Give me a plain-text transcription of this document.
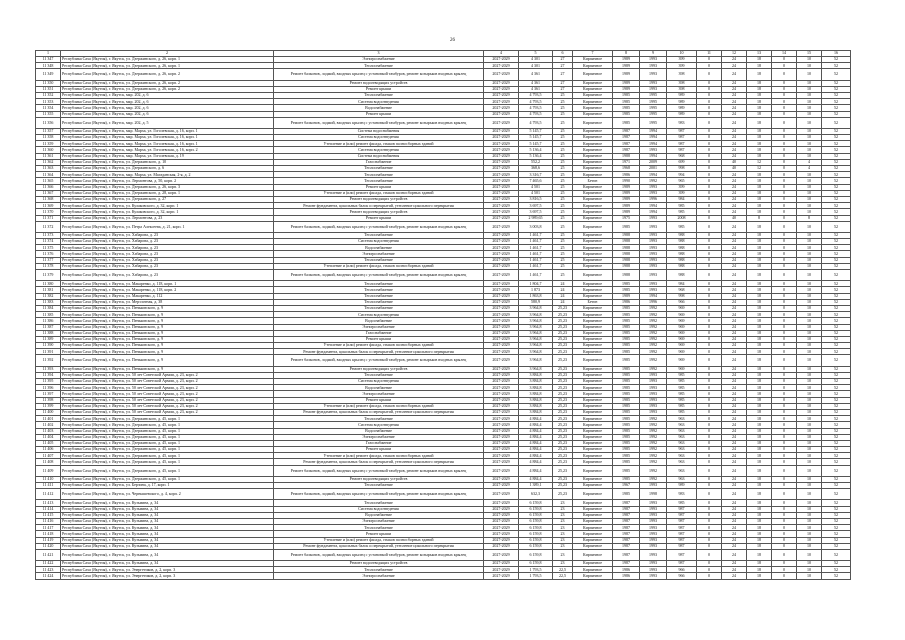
26
1	2	3	4	5	6	7	8	9	10	11	12	13	14	15	16
11 347	Республика Саха (Якутия), г. Якутск, ул. Дзержинского, д. 26, корп. 1	Электроснабжение	2027-2029	4 301	27	Кирпичное	1989	1993	399	0	24	18	0	10	52
11 348	Республика Саха (Якутия), г. Якутск, ул. Дзержинского, д. 26, корп. 1	Теплоснабжение	2027-2029	4 301	27	Кирпичное	1989	1993	399	0	24	18	0	10	52
11 349	Республика Саха (Якутия), г. Якутск, ул. Дзержинского, д. 26, корп. 2	Ремонт балконов, лоджий, входных крылец с установкой тамбуров, ремонт козырьков входных крылец	2027-2029	4 361	27	Кирпичное	1989	1993	398	0	24	18	0	10	52
11 350	Республика Саха (Якутия), г. Якутск, ул. Дзержинского, д. 26, корп. 2	Ремонт водоотводящих устройств	2027-2029	4 361	27	Кирпичное	1989	1993	398	0	24	18	0	10	52
11 351	Республика Саха (Якутия), г. Якутск, ул. Дзержинского, д. 26, корп. 2	Ремонт крыши	2027-2029	4 361	27	Кирпичное	1989	1993	398	0	24	18	0	10	52
11 352	Республика Саха (Якутия), г. Якутск, мкр. 202, д. 6	Теплоснабжение	2027-2029	4 793,5	25	Кирпичное	1985	1995	989	0	24	18	0	10	52
11 353	Республика Саха (Якутия), г. Якутск, мкр. 202, д. 6	Система водоотведения	2027-2029	4 793,5	25	Кирпичное	1985	1995	989	0	24	18	0	10	52
11 354	Республика Саха (Якутия), г. Якутск, мкр. 202, д. 6	Водоснабжение	2027-2029	4 793,5	25	Кирпичное	1985	1995	989	0	24	18	0	10	52
11 355	Республика Саха (Якутия), г. Якутск, мкр. 202, д. 6	Ремонт крыши	2027-2029	4 793,5	25	Кирпичное	1985	1995	989	0	24	18	0	10	52
11 356	Республика Саха (Якутия), г. Якутск, мкр. 202, д. 5	Ремонт балконов, лоджий, входных крылец с установкой тамбуров, ремонт козырьков входных крылец	2027-2029	4 793,5	25	Кирпичное	1985	1995	983	0	24	18	0	10	52
11 357	Республика Саха (Якутия), г. Якутск, мкр. Марха, ул. Гоголевская, д. 16, корп. 1	Система водоснабжения	2027-2029	5 145,7	25	Кирпичное	1987	1994	987	0	24	18	0	10	52
11 358	Республика Саха (Якутия), г. Якутск, мкр. Марха, ул. Гоголевская, д. 16, корп. 1	Система водоотведения	2027-2029	5 145,7	25	Кирпичное	1987	1994	987	0	24	18	0	10	52
11 359	Республика Саха (Якутия), г. Якутск, мкр. Марха, ул. Гоголевская, д. 16, корп. 1	Утепление и (или) ремонт фасада, стыков полносборных зданий	2027-2029	5 145,7	25	Кирпичное	1987	1994	987	0	24	18	0	10	52
11 360	Республика Саха (Якутия), г. Якутск, мкр. Марха, ул. Гоголевская, д. 16, корп. 2	Система водоотведения	2027-2029	5 136,4	25	Кирпичное	1987	1993	987	0	24	18	0	10	52
11 361	Республика Саха (Якутия), г. Якутск, мкр. Марха, ул. Гоголевская, д. 19	Система водоснабжения	2027-2029	5 136,4	25	Кирпичное	1988	1994	968	0	24	18	0	10	52
11 362	Республика Саха (Якутия), г. Якутск, ул. Дзержинского, д. 10	Газоснабжение	2027-2029	552,2	25	Кирпичное	1971	2009	699	0	40	12	0	4	52
11 363	Республика Саха (Якутия), г. Якутск, ул. Дзержинского, д. 6	Теплоснабжение	2027-2029	368,6	25	Кирпичное	1968	2001	998	0	40	12	0	4	52
11 364	Республика Саха (Якутия), г. Якутск, мкр. Марха, ул. Магаданская, 2-я, д. 2	Теплоснабжение	2027-2029	3 316,7	25	Кирпичное	1986	1994	994	0	24	18	0	10	52
11 365	Республика Саха (Якутия), г. Якутск, ул. Лермонтова, д. 50, корп. 2	Теплоснабжение	2027-2029	7 465,6	25	Бетон	1990	1992	965	0	24	18	0	10	52
11 366	Республика Саха (Якутия), г. Якутск, ул. Дзержинского, д. 26, корп. 3	Ремонт крыши	2027-2029	4 501	25	Кирпичное	1989	1993	399	0	24	18	0	10	52
11 367	Республика Саха (Якутия), г. Якутск, ул. Дзержинского, д. 28, корп. 1	Утепление и (или) ремонт фасада, стыков полносборных зданий	2027-2029	4 501	25	Кирпичное	1989	1993	399	0	24	18	0	10	52
11 368	Республика Саха (Якутия), г. Якутск, ул. Дзержинского, д. 27	Ремонт водоотводящих устройств	2027-2029	3 816,5	25	Кирпичное	1989	1996	984	0	24	18	0	10	52
11 369	Республика Саха (Якутия), г. Якутск, ул. Кулаковского, д. 32, корп. 1	Ремонт фундамента, цокольных балок и перекрытий, утепление цокольного перекрытия	2027-2029	3 697,5	25	Кирпичное	1989	1994	985	0	24	18	0	10	52
11 370	Республика Саха (Якутия), г. Якутск, ул. Кулаковского, д. 32, корп. 1	Ремонт водоотводящих устройств	2027-2029	3 697,5	25	Кирпичное	1989	1994	985	0	24	18	0	10	52
11 371	Республика Саха (Якутия), г. Якутск, ул. Лермонтова, д. 23	Ремонт крыши	2027-2029	2 989,65	25	Кирпичное	1975	1993	2008	0	40	8	0	8	52
11 372	Республика Саха (Якутия), г. Якутск, ул. Петра Алексеева, д. 21, корп. 1	Ремонт балконов, лоджий, входных крылец с установкой тамбуров, ремонт козырьков входных крылец	2027-2029	3 003,8	25	Кирпичное	1985	1993	985	0	24	18	0	10	52
11 373	Республика Саха (Якутия), г. Якутск, ул. Хабарова, д. 23	Теплоснабжение	2027-2029	1 461,7	25	Кирпичное	1988	1993	988	0	24	18	0	10	52
11 374	Республика Саха (Якутия), г. Якутск, ул. Хабарова, д. 23	Система водоотведения	2027-2029	1 461,7	25	Кирпичное	1988	1993	988	0	24	18	0	10	52
11 375	Республика Саха (Якутия), г. Якутск, ул. Хабарова, д. 23	Водоснабжение	2027-2029	1 461,7	25	Кирпичное	1988	1993	988	0	24	18	0	10	52
11 376	Республика Саха (Якутия), г. Якутск, ул. Хабарова, д. 23	Электроснабжение	2027-2029	1 461,7	25	Кирпичное	1988	1993	988	0	24	18	0	10	52
11 377	Республика Саха (Якутия), г. Якутск, ул. Хабарова, д. 23	Теплоснабжение	2027-2029	1 461,7	25	Кирпичное	1988	1993	988	0	24	18	0	10	52
11 378	Республика Саха (Якутия), г. Якутск, ул. Хабарова, д. 23	Утепление и (или) ремонт фасада, стыков полносборных зданий	2027-2029	1 461,7	25	Кирпичное	1988	1993	988	0	24	18	0	10	52
11 379	Республика Саха (Якутия), г. Якутск, ул. Хабарова, д. 23	Ремонт балконов, лоджий, входных крылец с установкой тамбуров, ремонт козырьков входных крылец	2027-2029	1 461,7	25	Кирпичное	1988	1993	988	0	24	18	0	10	52
11 380	Республика Саха (Якутия), г. Якутск, ул. Макаренко, д. 118, корп. 1	Теплоснабжение	2027-2029	1 804,7	24	Кирпичное	1985	1993	984	0	24	18	0	10	52
11 381	Республика Саха (Якутия), г. Якутск, ул. Макаренко, д. 118, корп. 2	Теплоснабжение	2027-2029	1 873	24	Кирпичное	1985	1993	968	0	24	18	0	10	52
11 382	Республика Саха (Якутия), г. Якутск, ул. Макаренко, д. 112	Теплоснабжение	2027-2029	1 863,8	24	Кирпичное	1989	1994	998	0	24	18	0	10	52
11 383	Республика Саха (Якутия), г. Якутск, ул. Мерзлотная, д. 38	Теплоснабжение	2027-2029	580,9	24	Бетон	1986	1996	966	0	24	18	0	10	52
11 384	Республика Саха (Якутия), г. Якутск, ул. Пеньковского, д. 9	Теплоснабжение	2027-2029	3 964,8	25,23	Кирпичное	1985	1992	969	0	24	18	0	10	52
11 385	Республика Саха (Якутия), г. Якутск, ул. Пеньковского, д. 9	Система водоотведения	2027-2029	3 964,8	25,23	Кирпичное	1985	1992	969	0	24	18	0	10	52
11 386	Республика Саха (Якутия), г. Якутск, ул. Пеньковского, д. 9	Водоснабжение	2027-2029	3 964,8	25,23	Кирпичное	1985	1992	969	0	24	18	0	10	52
11 387	Республика Саха (Якутия), г. Якутск, ул. Пеньковского, д. 9	Электроснабжение	2027-2029	3 964,8	25,23	Кирпичное	1985	1992	969	0	24	18	0	10	52
11 388	Республика Саха (Якутия), г. Якутск, ул. Пеньковского, д. 9	Газоснабжение	2027-2029	3 964,8	25,23	Кирпичное	1985	1992	969	0	24	18	0	10	52
11 389	Республика Саха (Якутия), г. Якутск, ул. Пеньковского, д. 9	Ремонт крыши	2027-2029	3 964,8	25,23	Кирпичное	1985	1992	969	0	24	18	0	10	52
11 390	Республика Саха (Якутия), г. Якутск, ул. Пеньковского, д. 9	Утепление и (или) ремонт фасада, стыков полносборных зданий	2027-2029	3 964,8	25,23	Кирпичное	1985	1992	969	0	24	18	0	10	52
11 391	Республика Саха (Якутия), г. Якутск, ул. Пеньковского, д. 9	Ремонт фундамента, цокольных балок и перекрытий, утепление цокольного перекрытия	2027-2029	3 964,8	25,23	Кирпичное	1985	1992	969	0	24	18	0	10	52
11 392	Республика Саха (Якутия), г. Якутск, ул. Пеньковского, д. 9	Ремонт балконов, лоджий, входных крылец с установкой тамбуров, ремонт козырьков входных крылец	2027-2029	3 964,8	25,23	Кирпичное	1985	1992	969	0	24	18	0	10	52
11 393	Республика Саха (Якутия), г. Якутск, ул. Пеньковского, д. 9	Ремонт водоотводящих устройств	2027-2029	3 964,8	25,23	Кирпичное	1985	1992	969	0	24	18	0	10	52
11 394	Республика Саха (Якутия), г. Якутск, ул. 50 лет Советской Армии, д. 23, корп. 2	Теплоснабжение	2027-2029	3 884,8	25,23	Кирпичное	1985	1993	985	0	24	18	0	10	52
11 395	Республика Саха (Якутия), г. Якутск, ул. 50 лет Советской Армии, д. 23, корп. 2	Система водоотведения	2027-2029	3 884,8	25,23	Кирпичное	1985	1993	985	0	24	18	0	10	52
11 396	Республика Саха (Якутия), г. Якутск, ул. 50 лет Советской Армии, д. 23, корп. 2	Водоснабжение	2027-2029	3 884,8	25,23	Кирпичное	1985	1993	985	0	24	18	0	10	52
11 397	Республика Саха (Якутия), г. Якутск, ул. 50 лет Советской Армии, д. 23, корп. 2	Электроснабжение	2027-2029	3 884,8	25,23	Кирпичное	1985	1993	985	0	24	18	0	10	52
11 398	Республика Саха (Якутия), г. Якутск, ул. 50 лет Советской Армии, д. 23, корп. 2	Ремонт крыши	2027-2029	3 884,8	25,23	Кирпичное	1985	1993	985	0	24	18	0	10	52
11 399	Республика Саха (Якутия), г. Якутск, ул. 50 лет Советской Армии, д. 23, корп. 2	Утепление и (или) ремонт фасада, стыков полносборных зданий	2027-2029	3 884,8	25,23	Кирпичное	1985	1993	985	0	24	18	0	10	52
11 400	Республика Саха (Якутия), г. Якутск, ул. 50 лет Советской Армии, д. 23, корп. 2	Ремонт фундамента, цокольных балок и перекрытий, утепление цокольного перекрытия	2027-2029	3 884,8	25,23	Кирпичное	1985	1993	985	0	24	18	0	10	52
11 401	Республика Саха (Якутия), г. Якутск, ул. Дзержинского, д. 45, корп. 1	Теплоснабжение	2027-2029	4 884,4	25,23	Кирпичное	1985	1992	963	0	24	18	0	10	52
11 402	Республика Саха (Якутия), г. Якутск, ул. Дзержинского, д. 45, корп. 1	Система водоотведения	2027-2029	4 884,4	25,23	Кирпичное	1985	1992	963	0	24	18	0	10	52
11 403	Республика Саха (Якутия), г. Якутск, ул. Дзержинского, д. 45, корп. 1	Водоснабжение	2027-2029	4 884,4	25,23	Кирпичное	1985	1992	963	0	24	18	0	10	52
11 404	Республика Саха (Якутия), г. Якутск, ул. Дзержинского, д. 45, корп. 1	Электроснабжение	2027-2029	4 884,4	25,23	Кирпичное	1985	1992	963	0	24	18	0	10	52
11 405	Республика Саха (Якутия), г. Якутск, ул. Дзержинского, д. 45, корп. 1	Газоснабжение	2027-2029	4 884,4	25,23	Кирпичное	1985	1992	963	0	24	18	0	10	52
11 406	Республика Саха (Якутия), г. Якутск, ул. Дзержинского, д. 45, корп. 1	Ремонт крыши	2027-2029	4 884,4	25,23	Кирпичное	1985	1992	963	0	24	18	0	10	52
11 407	Республика Саха (Якутия), г. Якутск, ул. Дзержинского, д. 45, корп. 1	Утепление и (или) ремонт фасада, стыков полносборных зданий	2027-2029	4 884,4	25,23	Кирпичное	1985	1992	963	0	24	18	0	10	52
11 408	Республика Саха (Якутия), г. Якутск, ул. Дзержинского, д. 45, корп. 1	Ремонт фундамента, цокольных балок и перекрытий, утепление цокольного перекрытия	2027-2029	4 884,4	25,23	Кирпичное	1985	1992	963	0	24	18	0	10	52
11 409	Республика Саха (Якутия), г. Якутск, ул. Дзержинского, д. 45, корп. 1	Ремонт балконов, лоджий, входных крылец с установкой тамбуров, ремонт козырьков входных крылец	2027-2029	4 884,4	25,23	Кирпичное	1985	1992	963	0	24	18	0	10	52
11 410	Республика Саха (Якутия), г. Якутск, ул. Дзержинского, д. 45, корп. 1	Ремонт водоотводящих устройств	2027-2029	4 884,4	25,23	Кирпичное	1985	1992	963	0	24	18	0	10	52
11 411	Республика Саха (Якутия), г. Якутск, ул. Берзина, д. 17, корп. 1	Теплоснабжение	2027-2029	1 389,1	25,23	Кирпичное	1967	1993	989	0	24	18	0	10	52
11 412	Республика Саха (Якутия), г. Якутск, ул. Чернышевского, д. 4, корп. 2	Ремонт балконов, лоджий, входных крылец с установкой тамбуров, ремонт козырьков входных крылец	2027-2029	632,3	25,23	Кирпичное	1985	1998	983	0	24	18	0	10	52
11 413	Республика Саха (Якутия), г. Якутск, ул. Кузьмина, д. 34	Теплоснабжение	2027-2029	6 159,8	23	Кирпичное	1987	1993	985	0	24	18	0	10	52
11 414	Республика Саха (Якутия), г. Якутск, ул. Кузьмина, д. 34	Система водоотведения	2027-2029	6 159,8	23	Кирпичное	1987	1993	987	0	24	18	0	10	52
11 415	Республика Саха (Якутия), г. Якутск, ул. Кузьмина, д. 34	Водоснабжение	2027-2029	6 159,8	23	Кирпичное	1987	1993	987	0	24	18	0	10	52
11 416	Республика Саха (Якутия), г. Якутск, ул. Кузьмина, д. 34	Электроснабжение	2027-2029	6 159,8	23	Кирпичное	1987	1993	987	0	24	18	0	10	52
11 417	Республика Саха (Якутия), г. Якутск, ул. Кузьмина, д. 34	Теплоснабжение	2027-2029	6 159,8	23	Кирпичное	1987	1993	987	0	24	18	0	10	52
11 418	Республика Саха (Якутия), г. Якутск, ул. Кузьмина, д. 34	Ремонт крыши	2027-2029	6 159,8	23	Кирпичное	1987	1993	987	0	24	18	0	10	52
11 419	Республика Саха (Якутия), г. Якутск, ул. Кузьмина, д. 34	Утепление и (или) ремонт фасада, стыков полносборных зданий	2027-2029	6 159,8	23	Кирпичное	1987	1993	987	0	24	18	0	10	52
11 420	Республика Саха (Якутия), г. Якутск, ул. Кузьмина, д. 34	Ремонт фундамента, цокольных балок и перекрытий, утепление цокольного перекрытия	2027-2029	6 159,8	23	Кирпичное	1987	1993	987	0	24	18	0	10	52
11 421	Республика Саха (Якутия), г. Якутск, ул. Кузьмина, д. 34	Ремонт балконов, лоджий, входных крылец с установкой тамбуров, ремонт козырьков входных крылец	2027-2029	6 159,8	23	Кирпичное	1987	1993	987	0	24	18	0	10	52
11 422	Республика Саха (Якутия), г. Якутск, ул. Кузьмина, д. 34	Ремонт водоотводящих устройств	2027-2029	6 159,8	23	Кирпичное	1987	1993	987	0	24	18	0	10	52
11 423	Республика Саха (Якутия), г. Якутск, ул. Энергетиков, д. 2, корп. 3	Теплоснабжение	2027-2029	1 793,5	22,5	Кирпичное	1986	1993	966	0	24	18	0	10	52
11 424	Республика Саха (Якутия), г. Якутск, ул. Энергетиков, д. 2, корп. 3	Электроснабжение	2027-2029	1 793,5	22,5	Кирпичное	1986	1993	966	0	24	18	0	10	52
